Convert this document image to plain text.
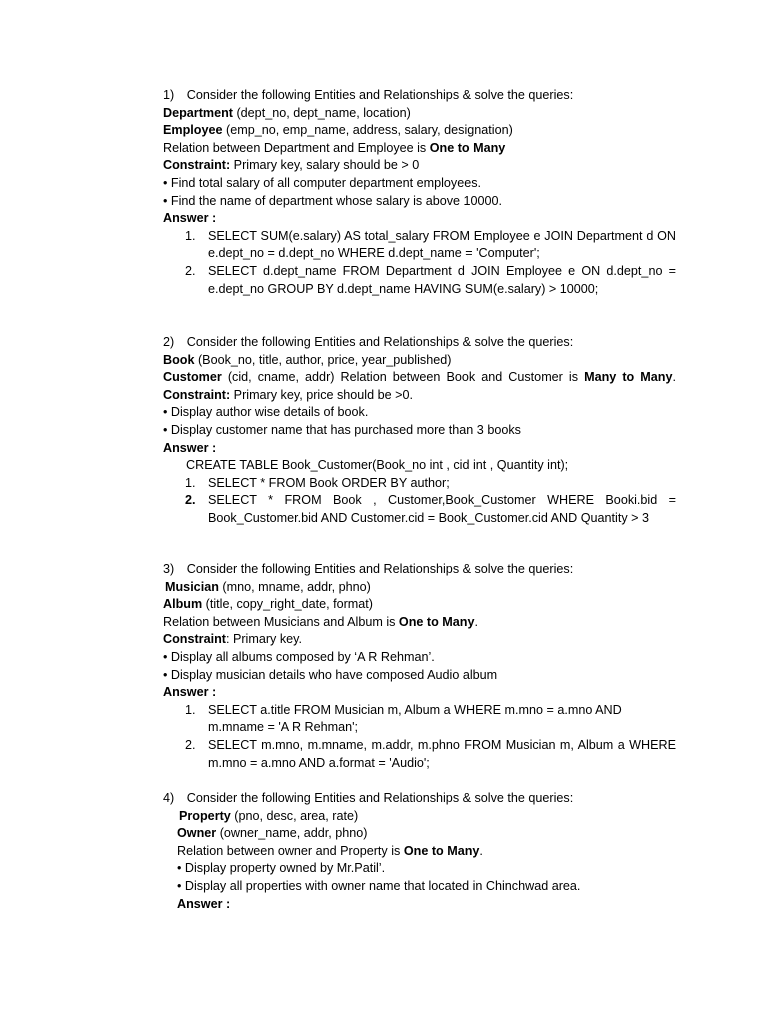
1) Consider the following Entities and Relationships & solve the queries:
Department (dept_no, dept_name, location)
Employee (emp_no, emp_name, address, salary, designation)
Relation between Department and Employee is One to Many
Constraint: Primary key, salary should be > 0
• Find total salary of all computer department employees.
• Find the name of department whose salary is above 10000.
Answer :
1. SELECT SUM(e.salary) AS total_salary FROM Employee e JOIN Department d ON
e.dept_no = d.dept_no WHERE d.dept_name = 'Computer';
2. SELECT d.dept_name FROM Department d JOIN Employee e ON d.dept_no =
e.dept_no GROUP BY d.dept_name HAVING SUM(e.salary) > 10000;
2) Consider the following Entities and Relationships & solve the queries:
Book (Book_no, title, author, price, year_published)
Customer (cid, cname, addr) Relation between Book and Customer is Many to Many.
Constraint: Primary key, price should be >0.
• Display author wise details of book.
• Display customer name that has purchased more than 3 books
Answer :
CREATE TABLE Book_Customer(Book_no int , cid int , Quantity int);
1. SELECT * FROM Book ORDER BY author;
2. SELECT * FROM Book , Customer,Book_Customer WHERE Booki.bid =
Book_Customer.bid AND Customer.cid = Book_Customer.cid AND Quantity > 3
3) Consider the following Entities and Relationships & solve the queries:
Musician (mno, mname, addr, phno)
Album (title, copy_right_date, format)
Relation between Musicians and Album is One to Many.
Constraint: Primary key.
• Display all albums composed by ‘A R Rehman’.
• Display musician details who have composed Audio album
Answer :
1. SELECT a.title FROM Musician m, Album a WHERE m.mno = a.mno AND
m.mname = 'A R Rehman';
2. SELECT m.mno, m.mname, m.addr, m.phno FROM Musician m, Album a WHERE
m.mno = a.mno AND a.format = 'Audio';
4) Consider the following Entities and Relationships & solve the queries:
Property (pno, desc, area, rate)
Owner (owner_name, addr, phno)
Relation between owner and Property is One to Many.
• Display property owned by Mr.Patil’.
• Display all properties with owner name that located in Chinchwad area.
Answer :
